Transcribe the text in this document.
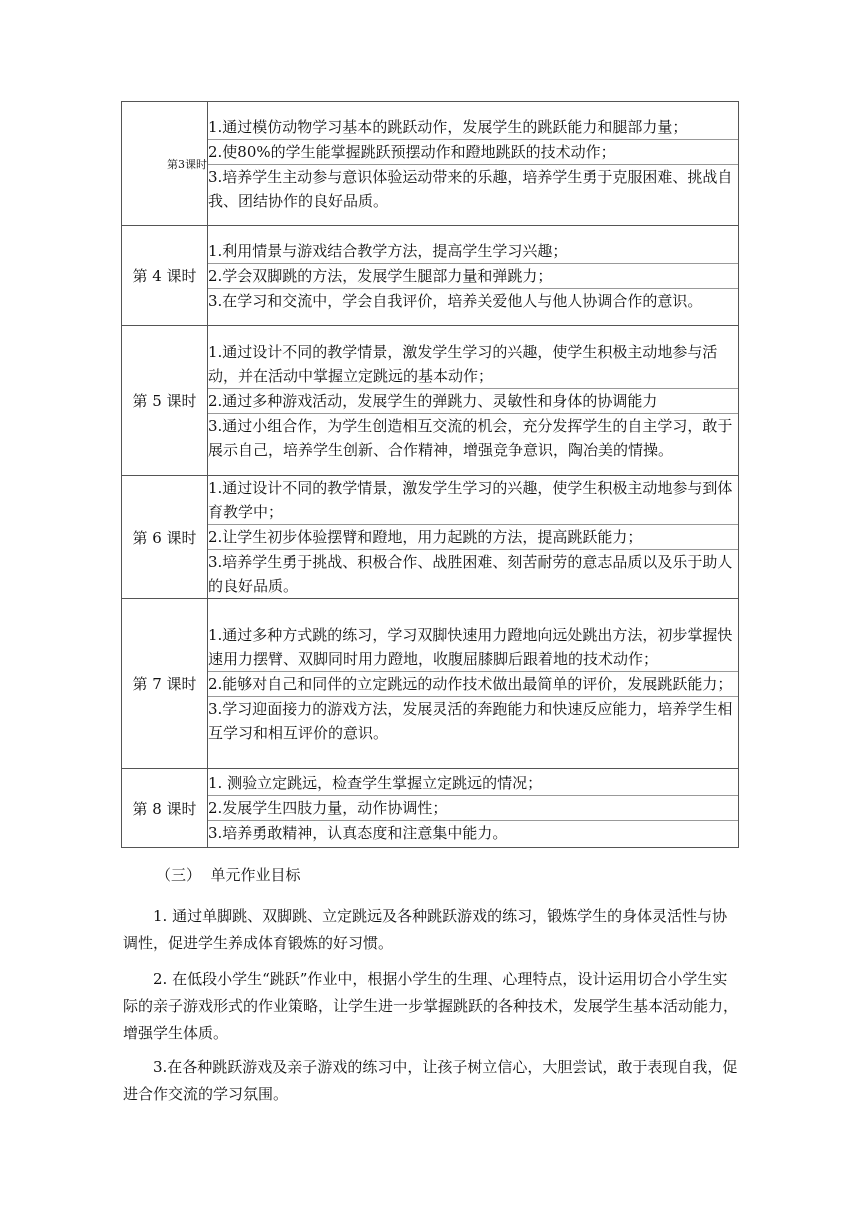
第3课时	1.通过模仿动物学习基本的跳跃动作，发展学生的跳跃能力和腿部力量；
2.使80%的学生能掌握跳跃预摆动作和蹬地跳跃的技术动作；
3.培养学生主动参与意识体验运动带来的乐趣，培养学生勇于克服困难、挑战自我、团结协作的良好品质。

第 4 课时	1.利用情景与游戏结合教学方法，提高学生学习兴趣；
2.学会双脚跳的方法，发展学生腿部力量和弹跳力；
3.在学习和交流中，学会自我评价，培养关爱他人与他人协调合作的意识。

第 5 课时	1.通过设计不同的教学情景，激发学生学习的兴趣，使学生积极主动地参与活动，并在活动中掌握立定跳远的基本动作；
2.通过多种游戏活动，发展学生的弹跳力、灵敏性和身体的协调能力
3.通过小组合作，为学生创造相互交流的机会，充分发挥学生的自主学习，敢于展示自己，培养学生创新、合作精神，增强竞争意识，陶冶美的情操。

第 6 课时	1.通过设计不同的教学情景，激发学生学习的兴趣，使学生积极主动地参与到体育教学中；
2.让学生初步体验摆臂和蹬地，用力起跳的方法，提高跳跃能力；
3.培养学生勇于挑战、积极合作、战胜困难、刻苦耐劳的意志品质以及乐于助人的良好品质。

第 7 课时	1.通过多种方式跳的练习，学习双脚快速用力蹬地向远处跳出方法，初步掌握快速用力摆臂、双脚同时用力蹬地，收腹屈膝脚后跟着地的技术动作；
2.能够对自己和同伴的立定跳远的动作技术做出最简单的评价，发展跳跃能力；
3.学习迎面接力的游戏方法，发展灵活的奔跑能力和快速反应能力，培养学生相互学习和相互评价的意识。

第 8 课时	1. 测验立定跳远，检查学生掌握立定跳远的情况；
2.发展学生四肢力量，动作协调性；
3.培养勇敢精神，认真态度和注意集中能力。
（三）  单元作业目标

1. 通过单脚跳、双脚跳、立定跳远及各种跳跃游戏的练习，锻炼学生的身体灵活性与协调性，促进学生养成体育锻炼的好习惯。

2. 在低段小学生“跳跃”作业中，根据小学生的生理、心理特点，设计运用切合小学生实际的亲子游戏形式的作业策略，让学生进一步掌握跳跃的各种技术，发展学生基本活动能力，增强学生体质。

3.在各种跳跃游戏及亲子游戏的练习中，让孩子树立信心，大胆尝试，敢于表现自我，促进合作交流的学习氛围。
